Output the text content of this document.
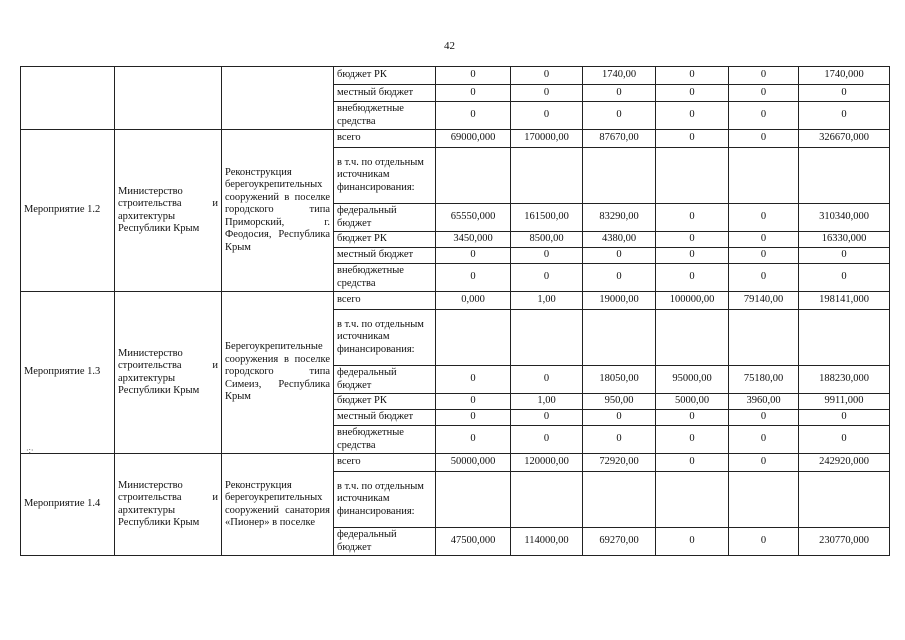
42
			бюджет РК	0	0	1740,00	0	0	1740,000
			местный бюджет	0	0	0	0	0	0
			внебюджетные средства	0	0	0	0	0	0
Мероприятие 1.2	Министерство строительства и архитектуры Республики Крым	Реконструкция берегоукрепительных сооружений в поселке городского типа Приморский, г. Феодосия, Республика Крым	всего	69000,000	170000,00	87670,00	0	0	326670,000
			в т.ч. по отдельным источникам финансирования:						
			федеральный бюджет	65550,000	161500,00	83290,00	0	0	310340,000
			бюджет РК	3450,000	8500,00	4380,00	0	0	16330,000
			местный бюджет	0	0	0	0	0	0
			внебюджетные средства	0	0	0	0	0	0
Мероприятие 1.3	Министерство строительства и архитектуры Республики Крым	Берегоукрепительные сооружения в поселке городского типа Симеиз, Республика Крым	всего	0,000	1,00	19000,00	100000,00	79140,00	198141,000
			в т.ч. по отдельным источникам финансирования:						
			федеральный бюджет	0	0	18050,00	95000,00	75180,00	188230,000
			бюджет РК	0	1,00	950,00	5000,00	3960,00	9911,000
			местный бюджет	0	0	0	0	0	0
			внебюджетные средства	0	0	0	0	0	0
Мероприятие 1.4	Министерство строительства и архитектуры Республики Крым	Реконструкция берегоукрепительных сооружений санатория «Пионер» в поселке	всего	50000,000	120000,00	72920,00	0	0	242920,000
			в т.ч. по отдельным источникам финансирования:						
			федеральный бюджет	47500,000	114000,00	69270,00	0	0	230770,000
·;·
